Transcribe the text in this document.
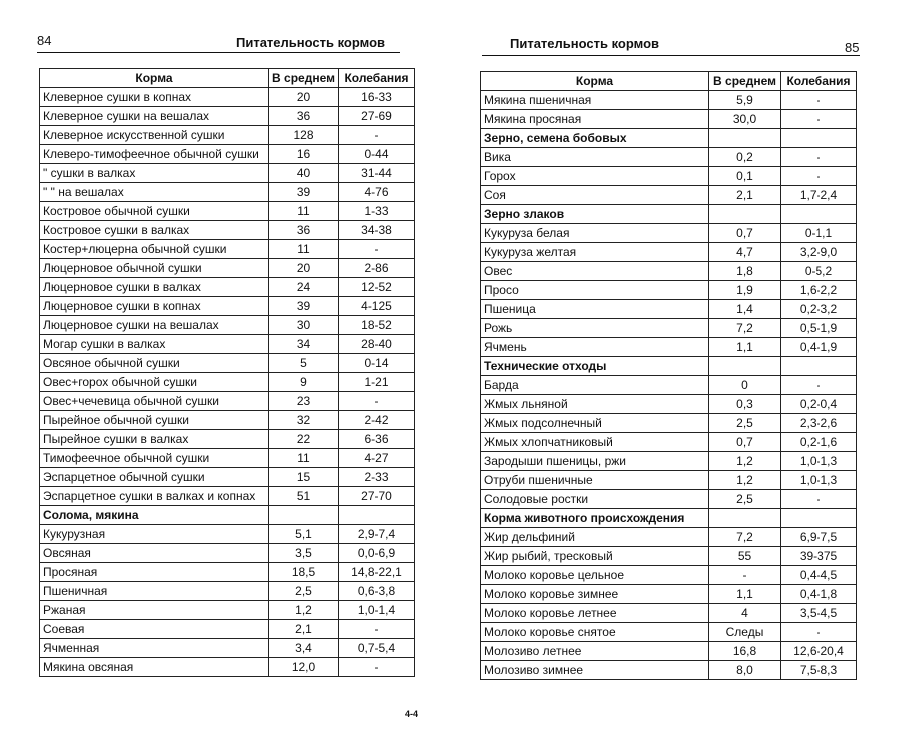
84	Питательность кормов
Корма	В среднем	Колебания
Клеверное сушки в копнах	20	16-33
Клеверное сушки на вешалах	36	27-69
Клеверное искусственной сушки	128	-
Клеверо-тимофеечное обычной сушки	16	0-44
" сушки в валках	40	31-44
" " на вешалах	39	4-76
Костровое обычной сушки	11	1-33
Костровое сушки в валках	36	34-38
Костер+люцерна обычной сушки	11	-
Люцерновое обычной сушки	20	2-86
Люцерновое сушки в валках	24	12-52
Люцерновое сушки в копнах	39	4-125
Люцерновое сушки на вешалах	30	18-52
Могар сушки в валках	34	28-40
Овсяное обычной сушки	5	0-14
Овес+горох обычной сушки	9	1-21
Овес+чечевица обычной сушки	23	-
Пырейное обычной сушки	32	2-42
Пырейное сушки в валках	22	6-36
Тимофеечное обычной сушки	11	4-27
Эспарцетное обычной сушки	15	2-33
Эспарцетное сушки в валках и копнах	51	27-70
Солома, мякина		
Кукурузная	5,1	2,9-7,4
Овсяная	3,5	0,0-6,9
Просяная	18,5	14,8-22,1
Пшеничная	2,5	0,6-3,8
Ржаная	1,2	1,0-1,4
Соевая	2,1	-
Ячменная	3,4	0,7-5,4
Мякина овсяная	12,0	-
Питательность кормов	85
Корма	В среднем	Колебания
Мякина пшеничная	5,9	-
Мякина просяная	30,0	-
Зерно, семена бобовых		
Вика	0,2	-
Горох	0,1	-
Соя	2,1	1,7-2,4
Зерно злаков		
Кукуруза белая	0,7	0-1,1
Кукуруза желтая	4,7	3,2-9,0
Овес	1,8	0-5,2
Просо	1,9	1,6-2,2
Пшеница	1,4	0,2-3,2
Рожь	7,2	0,5-1,9
Ячмень	1,1	0,4-1,9
Технические отходы		
Барда	0	-
Жмых льняной	0,3	0,2-0,4
Жмых подсолнечный	2,5	2,3-2,6
Жмых хлопчатниковый	0,7	0,2-1,6
Зародыши пшеницы, ржи	1,2	1,0-1,3
Отруби пшеничные	1,2	1,0-1,3
Солодовые ростки	2,5	-
Корма животного происхождения		
Жир дельфиний	7,2	6,9-7,5
Жир рыбий, тресковый	55	39-375
Молоко коровье цельное	-	0,4-4,5
Молоко коровье зимнее	1,1	0,4-1,8
Молоко коровье летнее	4	3,5-4,5
Молоко коровье снятое	Следы	-
Молозиво летнее	16,8	12,6-20,4
Молозиво зимнее	8,0	7,5-8,3
4-4
